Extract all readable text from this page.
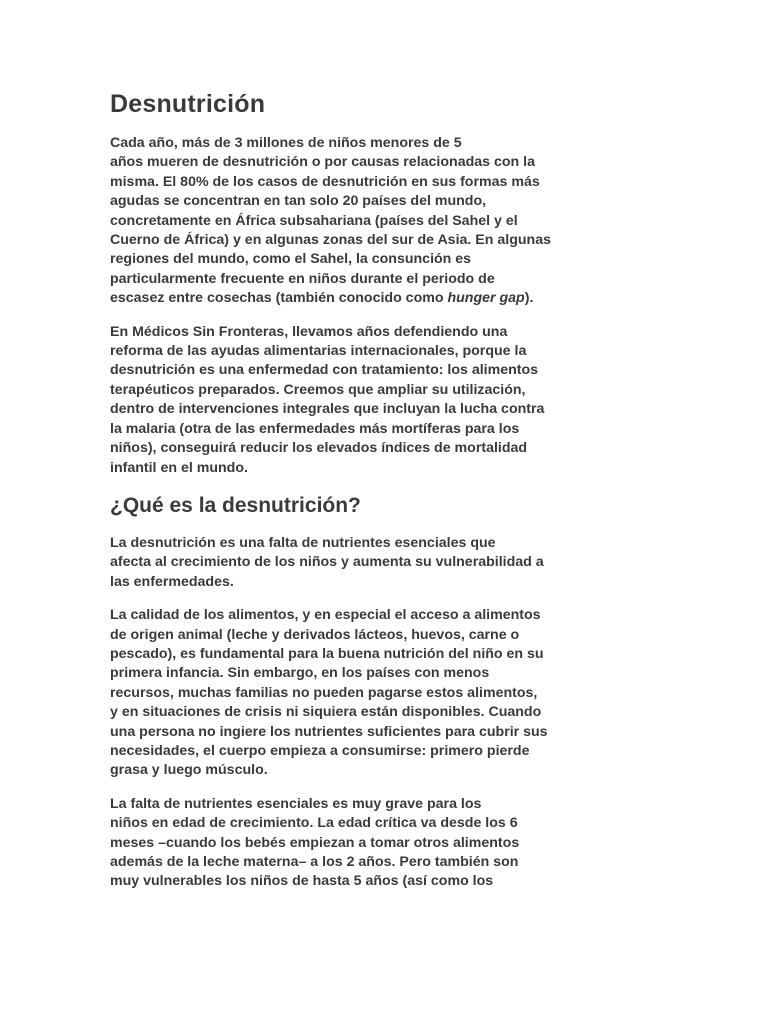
Desnutrición

Cada año, más de 3 millones de niños menores de 5
años mueren de desnutrición o por causas relacionadas con la
misma. El 80% de los casos de desnutrición en sus formas más
agudas se concentran en tan solo 20 países del mundo,
concretamente en África subsahariana (países del Sahel y el
Cuerno de África) y en algunas zonas del sur de Asia. En algunas
regiones del mundo, como el Sahel, la consunción es
particularmente frecuente en niños durante el periodo de
escasez entre cosechas (también conocido como hunger gap).

En Médicos Sin Fronteras, llevamos años defendiendo una
reforma de las ayudas alimentarias internacionales, porque la
desnutrición es una enfermedad con tratamiento: los alimentos
terapéuticos preparados. Creemos que ampliar su utilización,
dentro de intervenciones integrales que incluyan la lucha contra
la malaria (otra de las enfermedades más mortíferas para los
niños), conseguirá reducir los elevados índices de mortalidad
infantil en el mundo.

¿Qué es la desnutrición?

La desnutrición es una falta de nutrientes esenciales que
afecta al crecimiento de los niños y aumenta su vulnerabilidad a
las enfermedades.

La calidad de los alimentos, y en especial el acceso a alimentos
de origen animal (leche y derivados lácteos, huevos, carne o
pescado), es fundamental para la buena nutrición del niño en su
primera infancia. Sin embargo, en los países con menos
recursos, muchas familias no pueden pagarse estos alimentos,
y en situaciones de crisis ni siquiera están disponibles. Cuando
una persona no ingiere los nutrientes suficientes para cubrir sus
necesidades, el cuerpo empieza a consumirse: primero pierde
grasa y luego músculo.

La falta de nutrientes esenciales es muy grave para los
niños en edad de crecimiento. La edad crítica va desde los 6
meses –cuando los bebés empiezan a tomar otros alimentos
además de la leche materna– a los 2 años. Pero también son
muy vulnerables los niños de hasta 5 años (así como los
